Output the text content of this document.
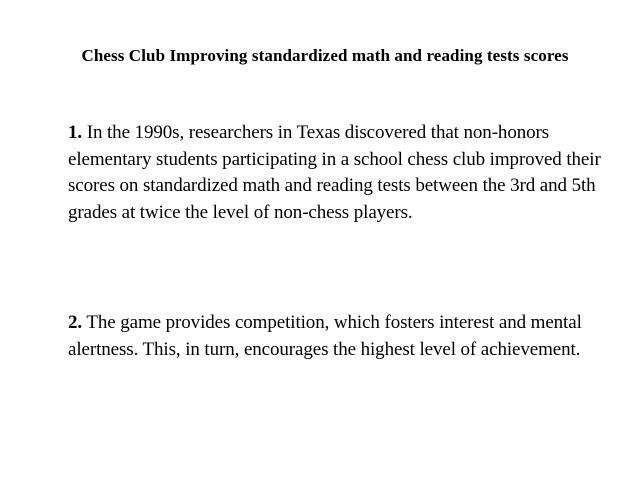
Chess Club Improving standardized math and reading tests scores
1. In the 1990s, researchers in Texas discovered that non-honors elementary students participating in a school chess club improved their scores on standardized math and reading tests between the 3rd and 5th grades at twice the level of non-chess players.
2. The game provides competition, which fosters interest and mental alertness. This, in turn, encourages the highest level of achievement.
